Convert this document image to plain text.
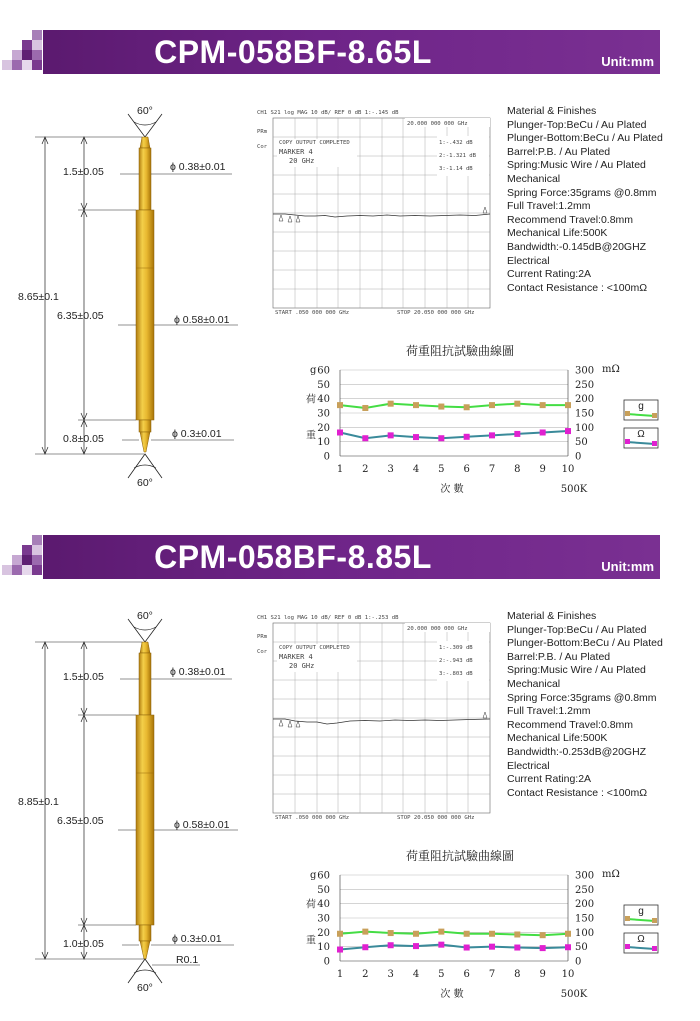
CPM-058BF-8.65L	Unit:mm
60°
60°
8.65±0.1
1.5±0.05
6.35±0.05
0.8±0.05
ϕ 0.38±0.01
ϕ 0.58±0.01
ϕ 0.3±0.01
CH1 S21 log MAG 10 dB/ REF 0 dB 1:-.145 dB
PRm
Cor
20.000 000 000 GHz
COPY OUTPUT COMPLETED
MARKER 4
20 GHz
1:-.432 dB
2:-1.321 dB
3:-1.14 dB
START .050 000 000 GHz	STOP 20.050 000 000 GHz
Material & Finishes
Plunger-Top:BeCu / Au Plated
Plunger-Bottom:BeCu / Au Plated
Barrel:P.B. / Au Plated
Spring:Music Wire / Au Plated
Mechanical
Spring Force:35grams @0.8mm
Full Travel:1.2mm
Recommend Travel:0.8mm
Mechanical Life:500K
Bandwidth:-0.145dB@20GHZ
Electrical
Current Rating:2A
Contact Resistance : <100mΩ
荷重阻抗試驗曲線圖
0
10
20
30
40
50
60
0
50
100
150
200
250
300
1 2 3 4 5 6 7 8 9 10
g	mΩ
荷
重
次 數	500K
g
Ω
CPM-058BF-8.85L	Unit:mm
60°
60°
R0.1
8.85±0.1
1.5±0.05
6.35±0.05
1.0±0.05
ϕ 0.38±0.01
ϕ 0.58±0.01
ϕ 0.3±0.01
CH1 S21 log MAG 10 dB/ REF 0 dB 1:-.253 dB
PRm
Cor
20.000 000 000 GHz
COPY OUTPUT COMPLETED
MARKER 4
20 GHz
1:-.309 dB
2:-.943 dB
3:-.803 dB
START .050 000 000 GHz	STOP 20.050 000 000 GHz
Material & Finishes
Plunger-Top:BeCu / Au Plated
Plunger-Bottom:BeCu / Au Plated
Barrel:P.B. / Au Plated
Spring:Music Wire / Au Plated
Mechanical
Spring Force:35grams @0.8mm
Full Travel:1.2mm
Recommend Travel:0.8mm
Mechanical Life:500K
Bandwidth:-0.253dB@20GHZ
Electrical
Current Rating:2A
Contact Resistance : <100mΩ
荷重阻抗試驗曲線圖
0
10
20
30
40
50
60
0
50
100
150
200
250
300
1 2 3 4 5 6 7 8 9 10
g	mΩ
荷
重
次 數	500K
g
Ω
